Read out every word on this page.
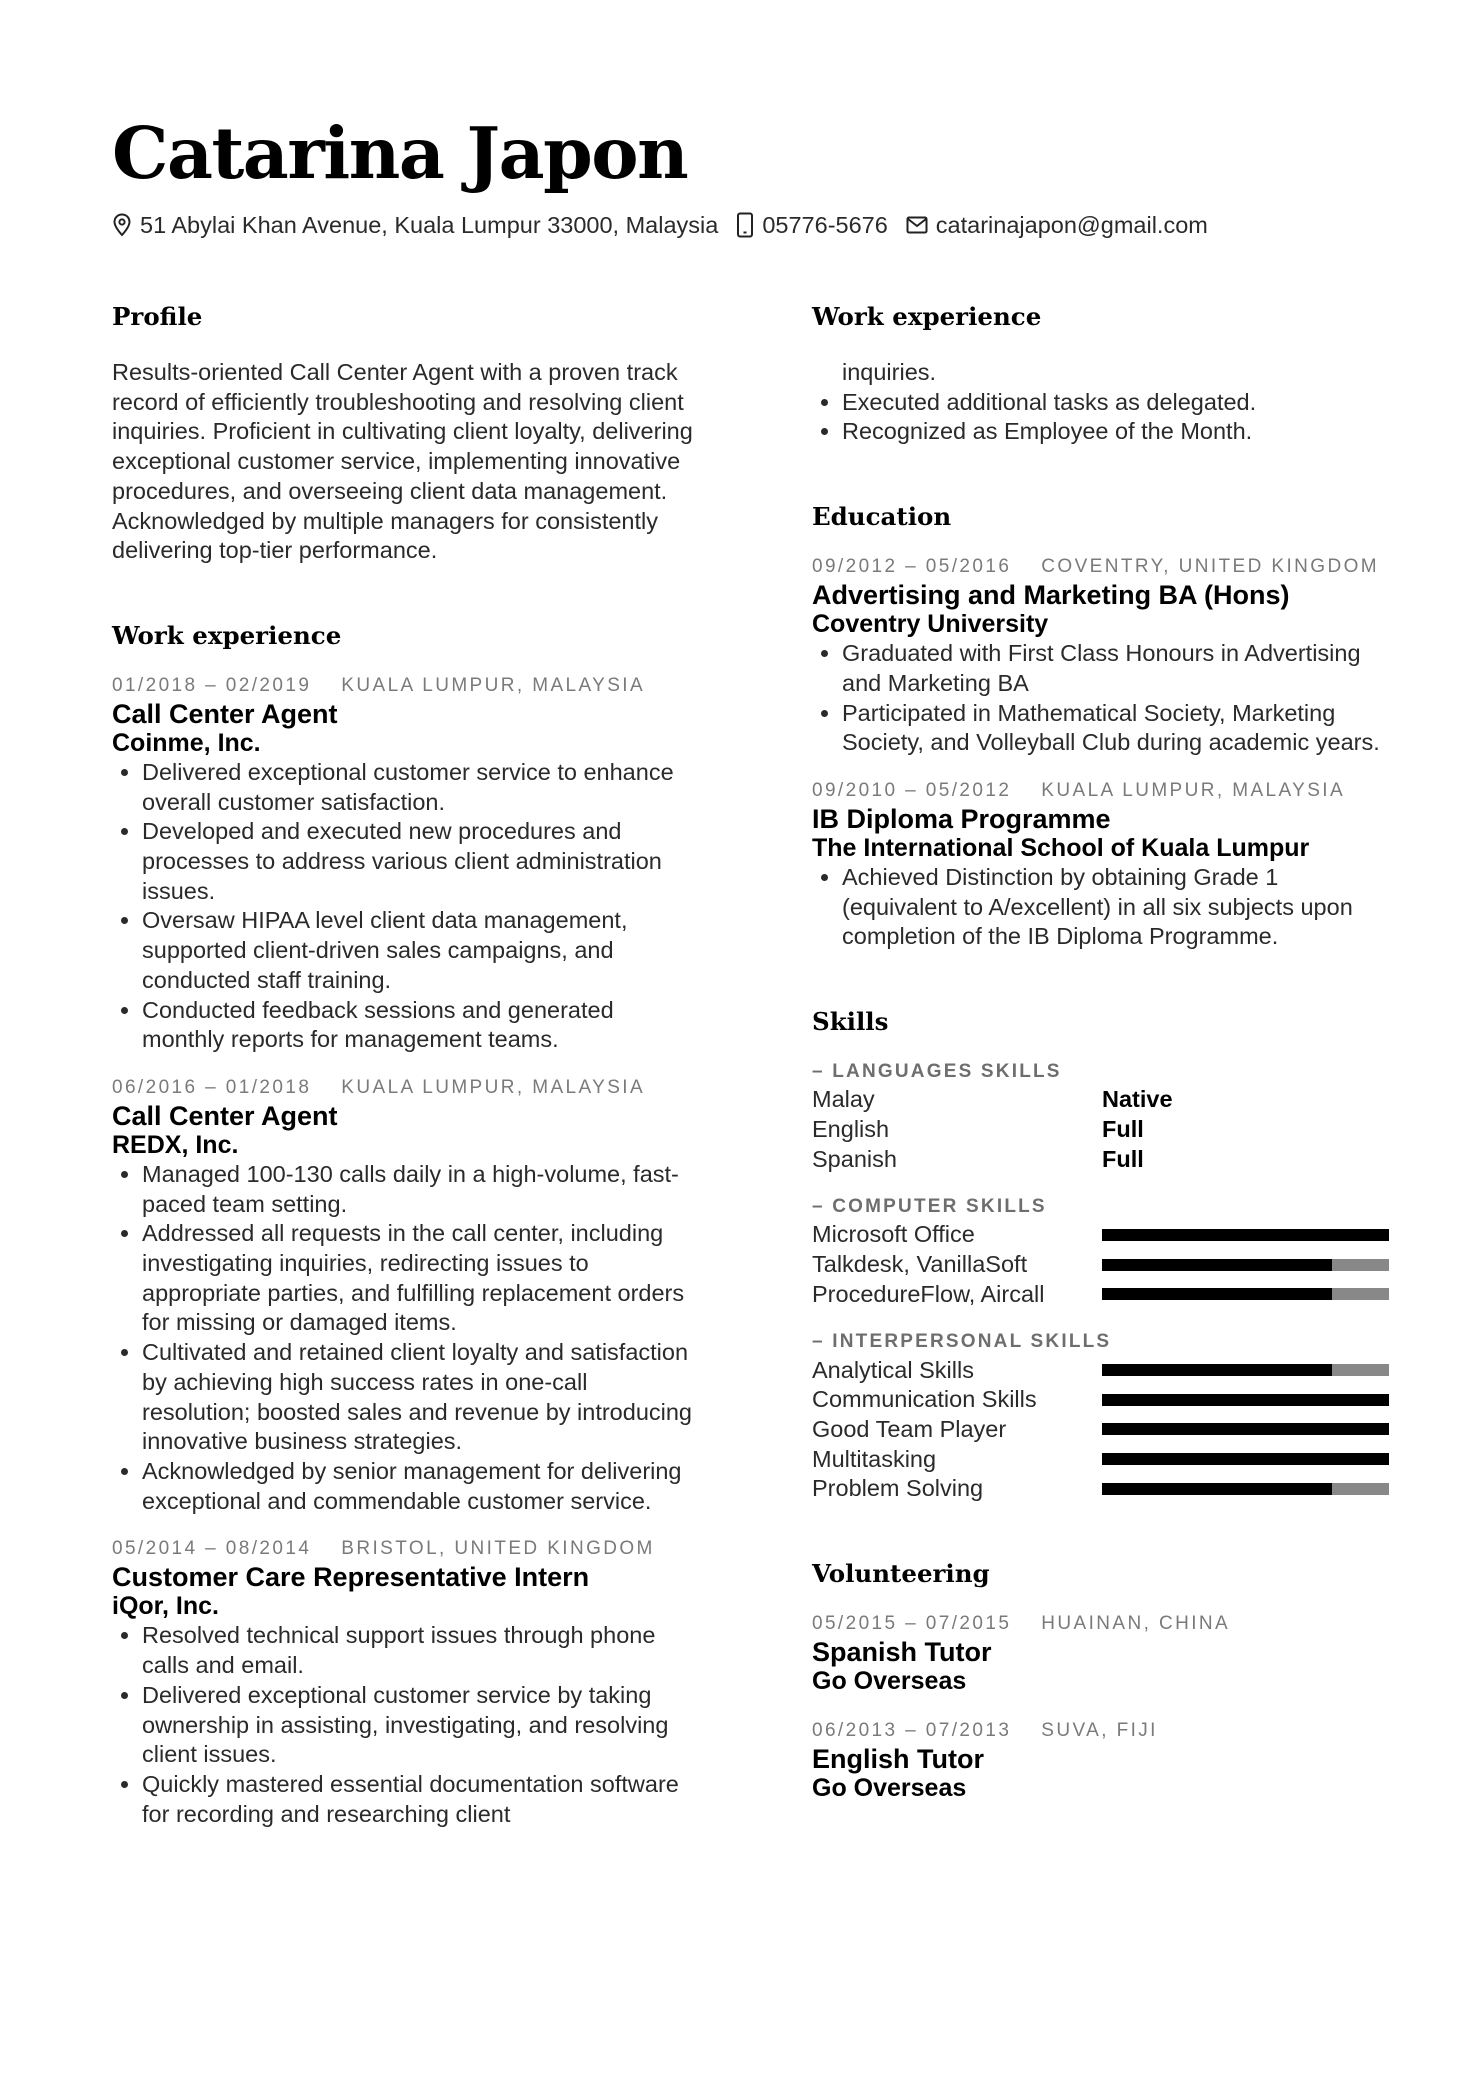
Catarina Japon
51 Abylai Khan Avenue, Kuala Lumpur 33000, Malaysia 05776-5676 catarinajapon@gmail.com
Profile

Results-oriented Call Center Agent with a proven track record of efficiently troubleshooting and resolving client inquiries. Proficient in cultivating client loyalty, delivering exceptional customer service, implementing innovative procedures, and overseeing client data management. Acknowledged by multiple managers for consistently delivering top-tier performance.

Work experience
01/2018 – 02/2019 KUALA LUMPUR, MALAYSIA
Call Center Agent
Coinme, Inc.
• Delivered exceptional customer service to enhance overall customer satisfaction.
• Developed and executed new procedures and processes to address various client administration issues.
• Oversaw HIPAA level client data management, supported client-driven sales campaigns, and conducted staff training.
• Conducted feedback sessions and generated monthly reports for management teams.
06/2016 – 01/2018 KUALA LUMPUR, MALAYSIA
Call Center Agent
REDX, Inc.
• Managed 100-130 calls daily in a high-volume, fast-paced team setting.
• Addressed all requests in the call center, including investigating inquiries, redirecting issues to appropriate parties, and fulfilling replacement orders for missing or damaged items.
• Cultivated and retained client loyalty and satisfaction by achieving high success rates in one-call resolution; boosted sales and revenue by introducing innovative business strategies.
• Acknowledged by senior management for delivering exceptional and commendable customer service.
05/2014 – 08/2014 BRISTOL, UNITED KINGDOM
Customer Care Representative Intern
iQor, Inc.
• Resolved technical support issues through phone calls and email.
• Delivered exceptional customer service by taking ownership in assisting, investigating, and resolving client issues.
• Quickly mastered essential documentation software for recording and researching client
Work experience
inquiries.
• Executed additional tasks as delegated.
• Recognized as Employee of the Month.
Education
09/2012 – 05/2016 COVENTRY, UNITED KINGDOM
Advertising and Marketing BA (Hons)
Coventry University
• Graduated with First Class Honours in Advertising and Marketing BA
• Participated in Mathematical Society, Marketing Society, and Volleyball Club during academic years.
09/2010 – 05/2012 KUALA LUMPUR, MALAYSIA
IB Diploma Programme
The International School of Kuala Lumpur
• Achieved Distinction by obtaining Grade 1 (equivalent to A/excellent) in all six subjects upon completion of the IB Diploma Programme.
Skills
– LANGUAGES SKILLS
Malay	Native
English	Full
Spanish	Full
– COMPUTER SKILLS
Microsoft Office
Talkdesk, VanillaSoft
ProcedureFlow, Aircall
– INTERPERSONAL SKILLS
Analytical Skills
Communication Skills
Good Team Player
Multitasking
Problem Solving
Volunteering
05/2015 – 07/2015 HUAINAN, CHINA
Spanish Tutor
Go Overseas
06/2013 – 07/2013 SUVA, FIJI
English Tutor
Go Overseas
